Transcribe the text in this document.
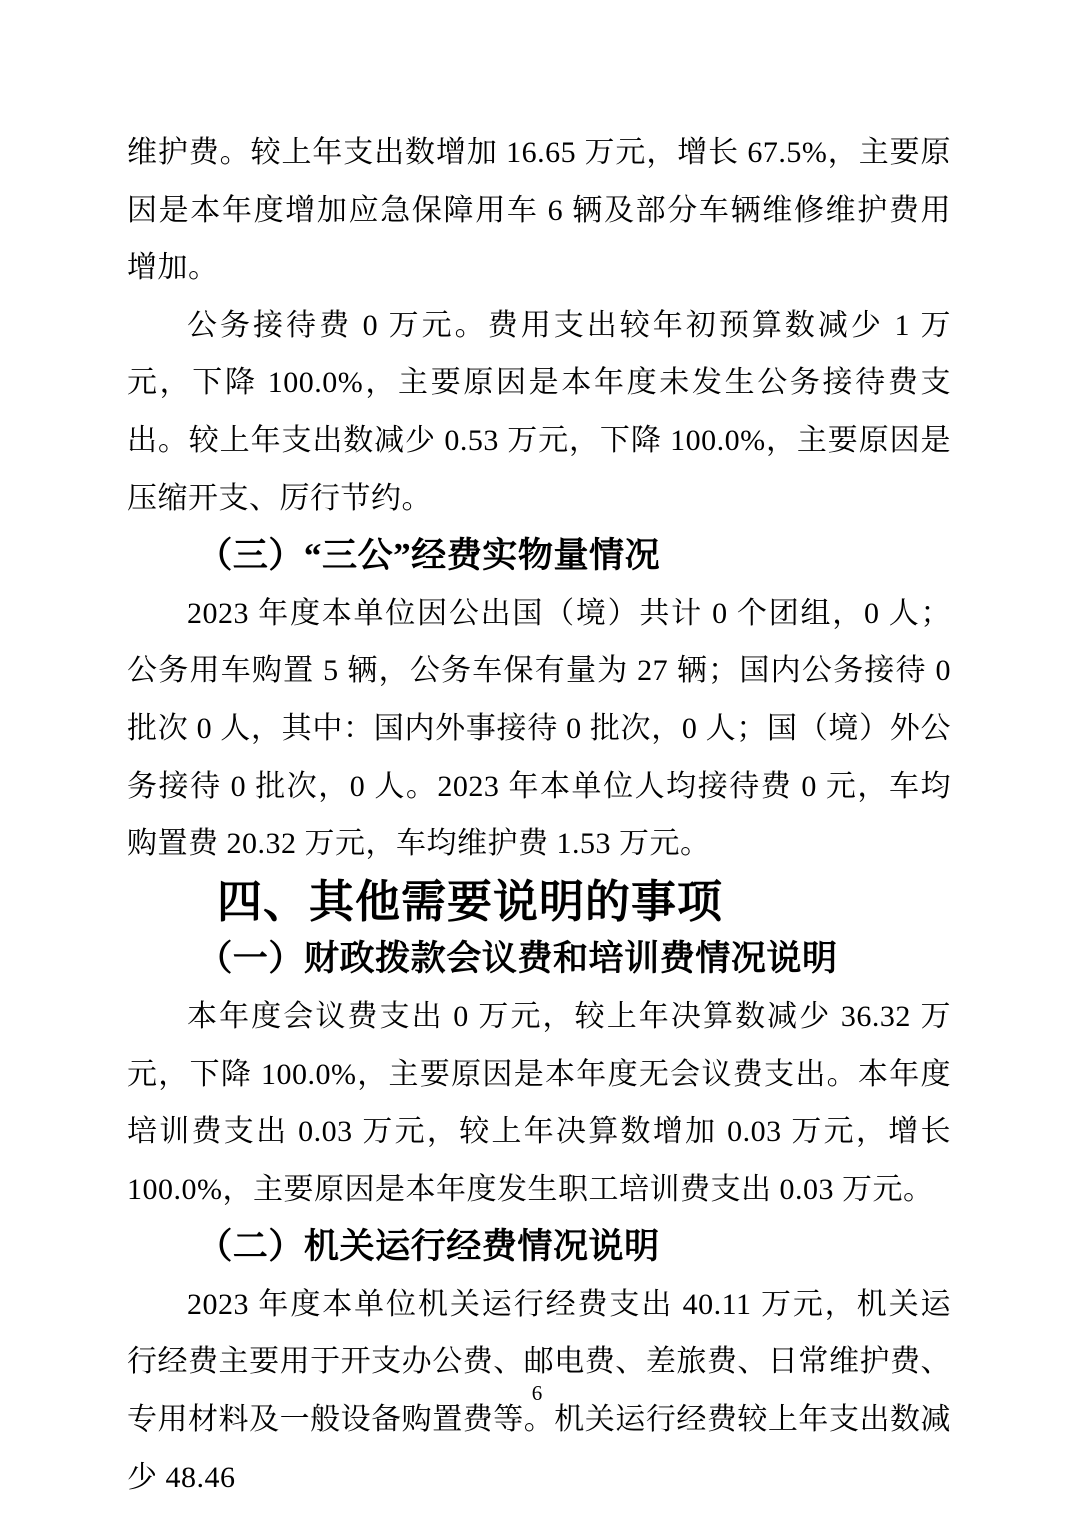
维护费。较上年支出数增加 16.65 万元，增长 67.5%，主要原因是本年度增加应急保障用车 6 辆及部分车辆维修维护费用增加。

公务接待费 0 万元。费用支出较年初预算数减少 1 万元，下降 100.0%，主要原因是本年度未发生公务接待费支出。较上年支出数减少 0.53 万元，下降 100.0%，主要原因是压缩开支、厉行节约。

（三）“三公”经费实物量情况

2023 年度本单位因公出国（境）共计 0 个团组，0 人；公务用车购置 5 辆，公务车保有量为 27 辆；国内公务接待 0 批次 0 人，其中：国内外事接待 0 批次，0 人；国（境）外公务接待 0 批次，0 人。2023 年本单位人均接待费 0 元，车均购置费 20.32 万元，车均维护费 1.53 万元。

四、其他需要说明的事项
（一）财政拨款会议费和培训费情况说明

本年度会议费支出 0 万元，较上年决算数减少 36.32 万元，下降 100.0%，主要原因是本年度无会议费支出。本年度培训费支出 0.03 万元，较上年决算数增加 0.03 万元，增长 100.0%，主要原因是本年度发生职工培训费支出 0.03 万元。

（二）机关运行经费情况说明

2023 年度本单位机关运行经费支出 40.11 万元，机关运行经费主要用于开支办公费、邮电费、差旅费、日常维护费、专用材料及一般设备购置费等。机关运行经费较上年支出数减少 48.46

6
